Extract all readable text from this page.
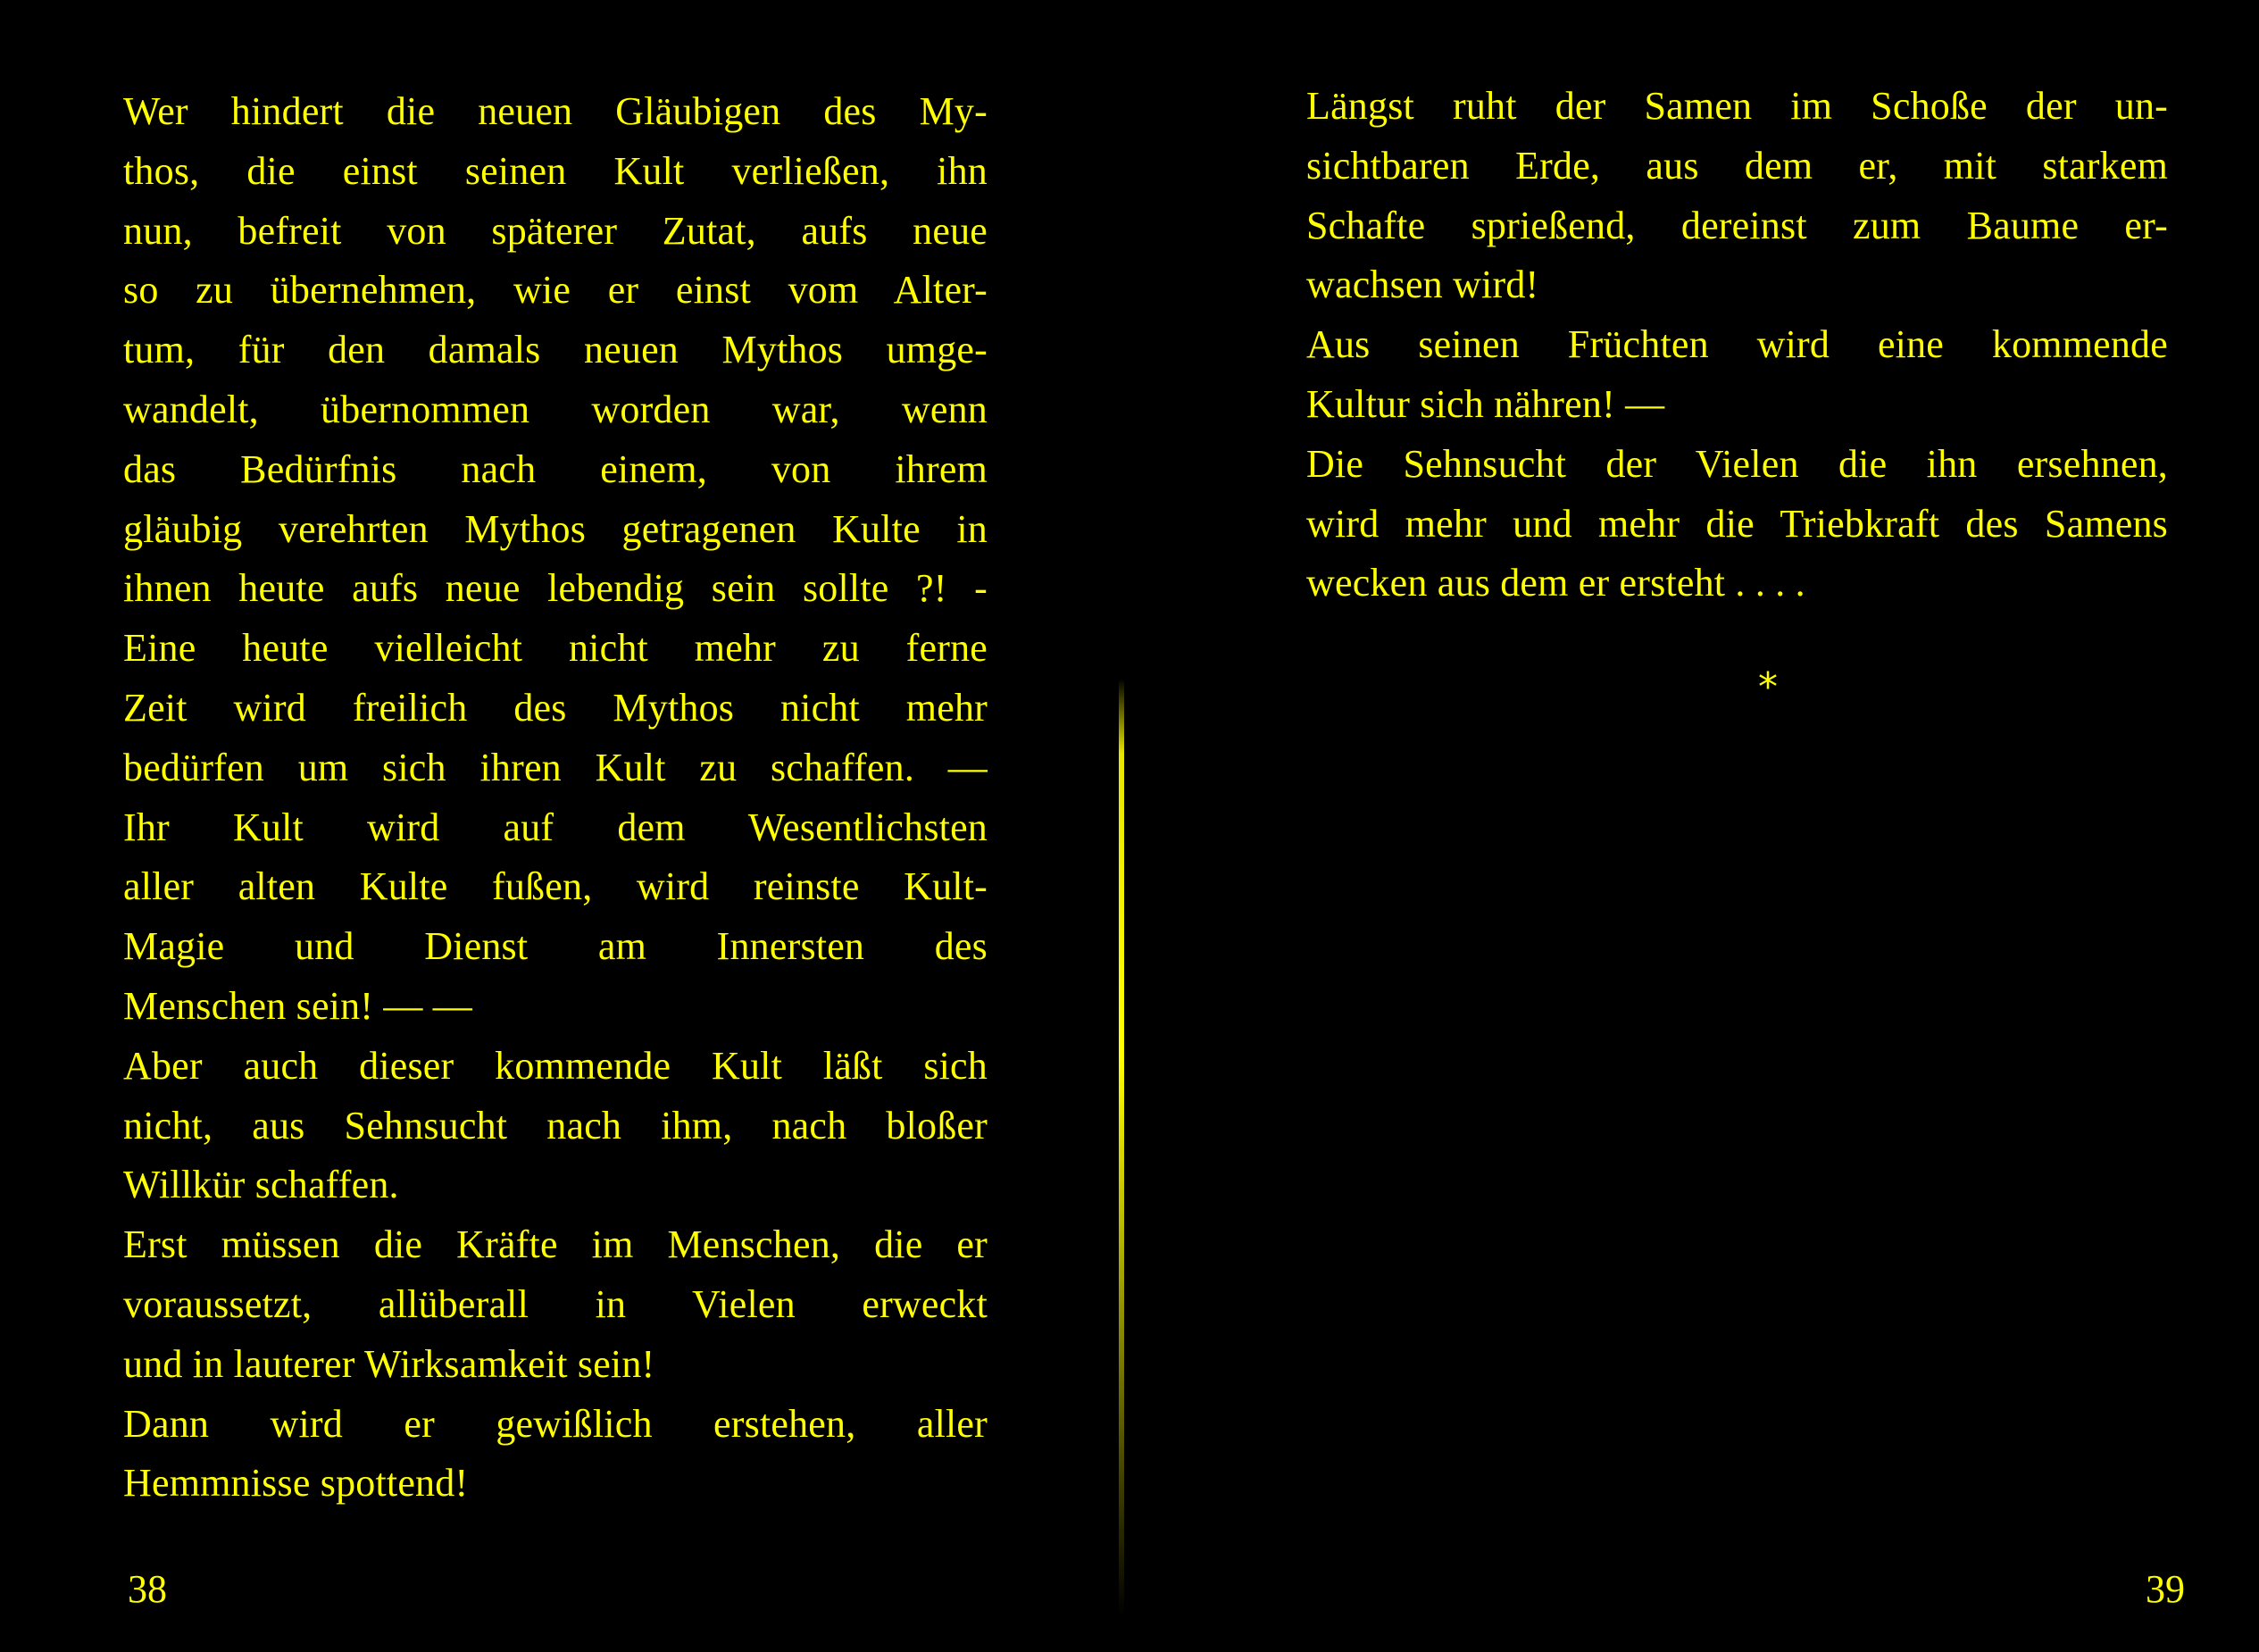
Wer hindert die neuen Gläubigen des My-
thos, die einst seinen Kult verließen, ihn
nun, befreit von späterer Zutat, aufs neue
so zu übernehmen, wie er einst vom Alter-
tum, für den damals neuen Mythos umge-
wandelt, übernommen worden war, wenn
das Bedürfnis nach einem, von ihrem
gläubig verehrten Mythos getragenen Kulte in
ihnen heute aufs neue lebendig sein sollte ?! -
Eine heute vielleicht nicht mehr zu ferne
Zeit wird freilich des Mythos nicht mehr
bedürfen um sich ihren Kult zu schaffen. —
Ihr Kult wird auf dem Wesentlichsten
aller alten Kulte fußen, wird reinste Kult-
Magie und Dienst am Innersten des
Menschen sein! — —
Aber auch dieser kommende Kult läßt sich
nicht, aus Sehnsucht nach ihm, nach bloßer
Willkür schaffen.
Erst müssen die Kräfte im Menschen, die er
voraussetzt, allüberall in Vielen erweckt
und in lauterer Wirksamkeit sein!
Dann wird er gewißlich erstehen, aller
Hemmnisse spottend!
38
Längst ruht der Samen im Schoße der un-
sichtbaren Erde, aus dem er, mit starkem
Schafte sprießend, dereinst zum Baume er-
wachsen wird!
Aus seinen Früchten wird eine kommende
Kultur sich nähren! —
Die Sehnsucht der Vielen die ihn ersehnen,
wird mehr und mehr die Triebkraft des Samens
wecken aus dem er ersteht . . . .
*
39
